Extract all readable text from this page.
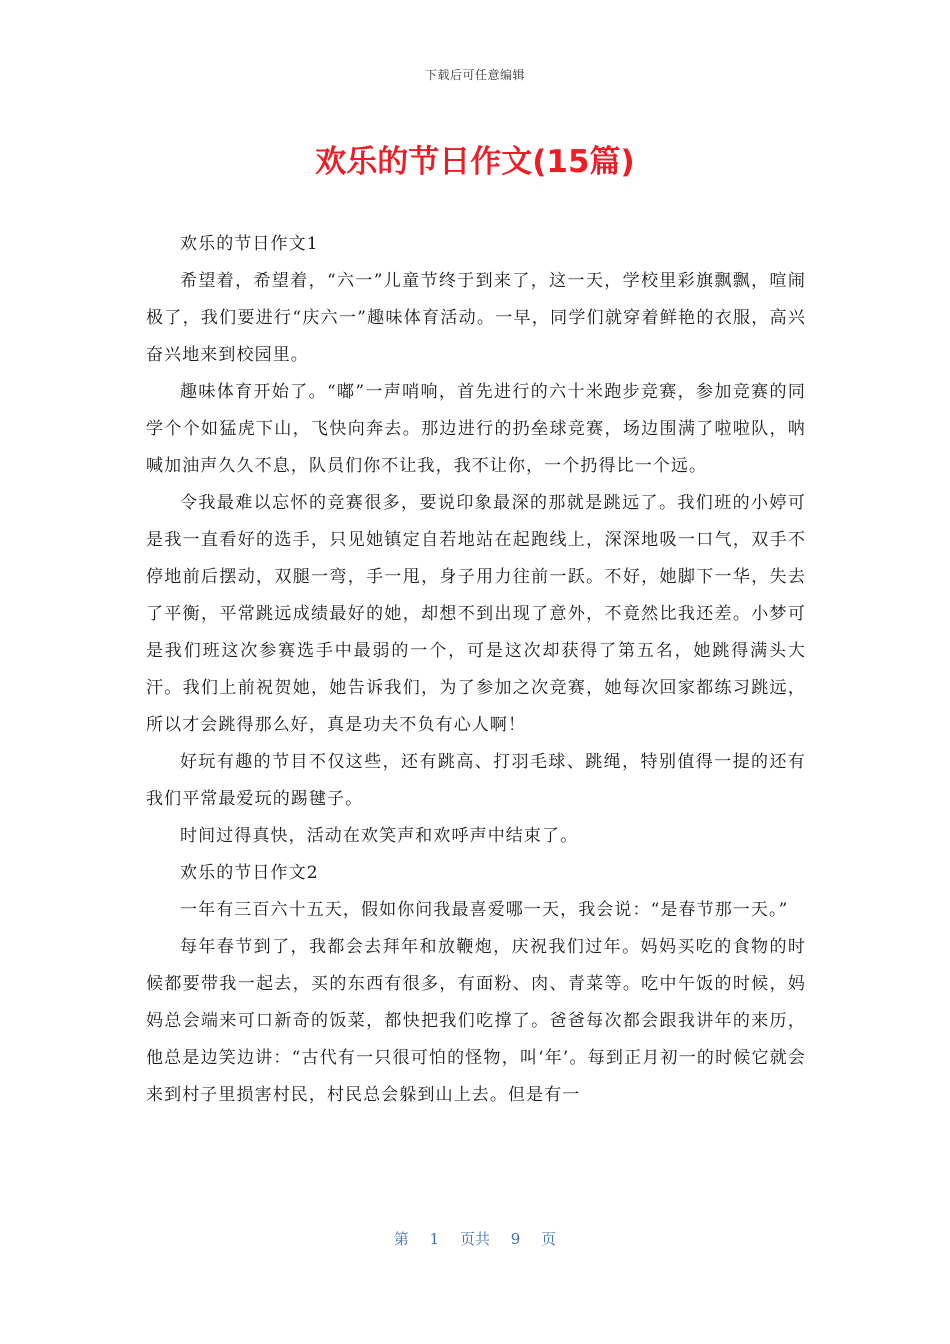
下载后可任意编辑
欢乐的节日作文(15篇)

欢乐的节日作文1

希望着，希望着，“六一”儿童节终于到来了，这一天，学校里彩旗飘飘，喧闹极了，我们要进行“庆六一”趣味体育活动。一早，同学们就穿着鲜艳的衣服，高兴奋兴地来到校园里。

趣味体育开始了。“嘟”一声哨响，首先进行的六十米跑步竞赛，参加竞赛的同学个个如猛虎下山，飞快向奔去。那边进行的扔垒球竞赛，场边围满了啦啦队，呐喊加油声久久不息，队员们你不让我，我不让你，一个扔得比一个远。

令我最难以忘怀的竞赛很多，要说印象最深的那就是跳远了。我们班的小婷可是我一直看好的选手，只见她镇定自若地站在起跑线上，深深地吸一口气，双手不停地前后摆动，双腿一弯，手一甩，身子用力往前一跃。不好，她脚下一华，失去了平衡，平常跳远成绩最好的她，却想不到出现了意外，不竟然比我还差。小梦可是我们班这次参赛选手中最弱的一个，可是这次却获得了第五名，她跳得满头大汗。我们上前祝贺她，她告诉我们，为了参加之次竞赛，她每次回家都练习跳远，所以才会跳得那么好，真是功夫不负有心人啊！

好玩有趣的节目不仅这些，还有跳高、打羽毛球、跳绳，特别值得一提的还有我们平常最爱玩的踢毽子。

时间过得真快，活动在欢笑声和欢呼声中结束了。

欢乐的节日作文2

一年有三百六十五天，假如你问我最喜爱哪一天，我会说：“是春节那一天。”

每年春节到了，我都会去拜年和放鞭炮，庆祝我们过年。妈妈买吃的食物的时候都要带我一起去，买的东西有很多，有面粉、肉、青菜等。吃中午饭的时候，妈妈总会端来可口新奇的饭菜，都快把我们吃撑了。爸爸每次都会跟我讲年的来历，他总是边笑边讲：“古代有一只很可怕的怪物，叫‘年’。每到正月初一的时候它就会来到村子里损害村民，村民总会躲到山上去。但是有一

第 1 页共 9 页
